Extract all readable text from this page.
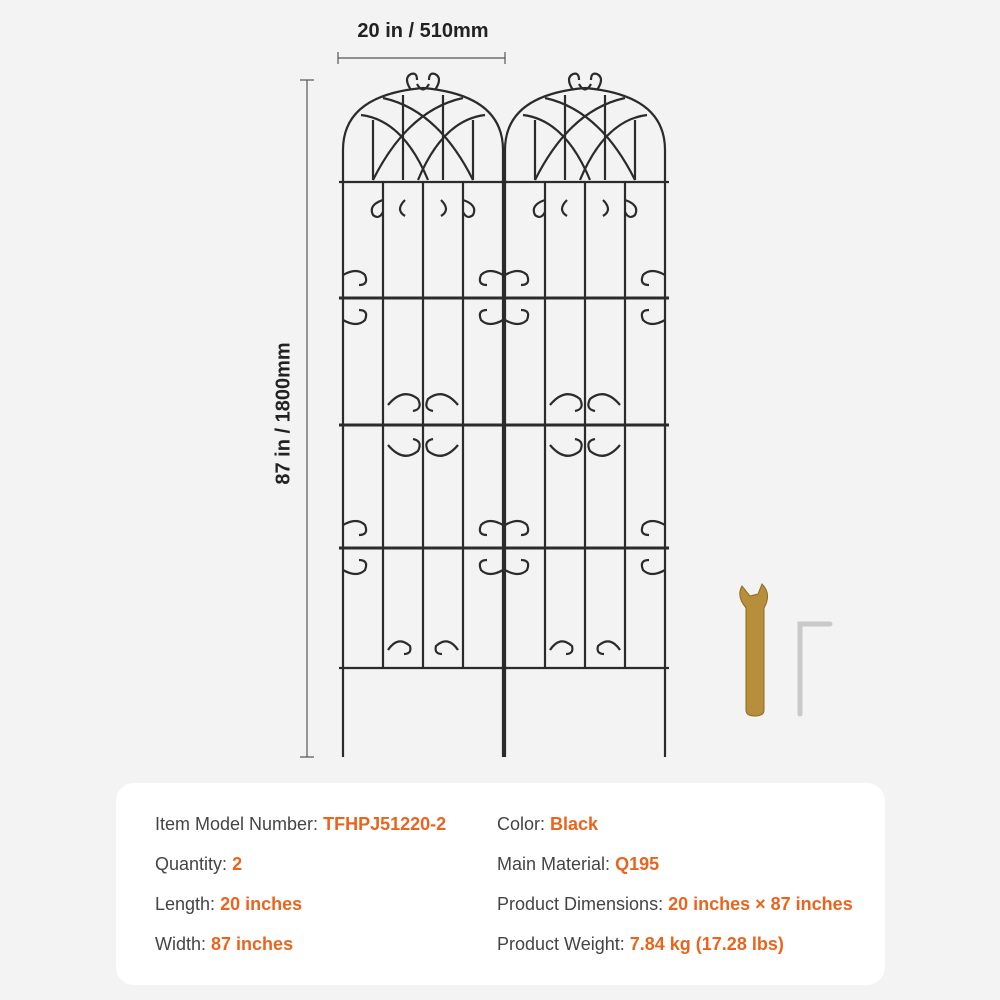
20 in / 510mm
87 in / 1800mm
Item Model Number: TFHPJ51220-2
Quantity: 2
Length: 20 inches
Width: 87 inches
Color: Black
Main Material: Q195
Product Dimensions: 20 inches × 87 inches
Product Weight: 7.84 kg (17.28 lbs)
